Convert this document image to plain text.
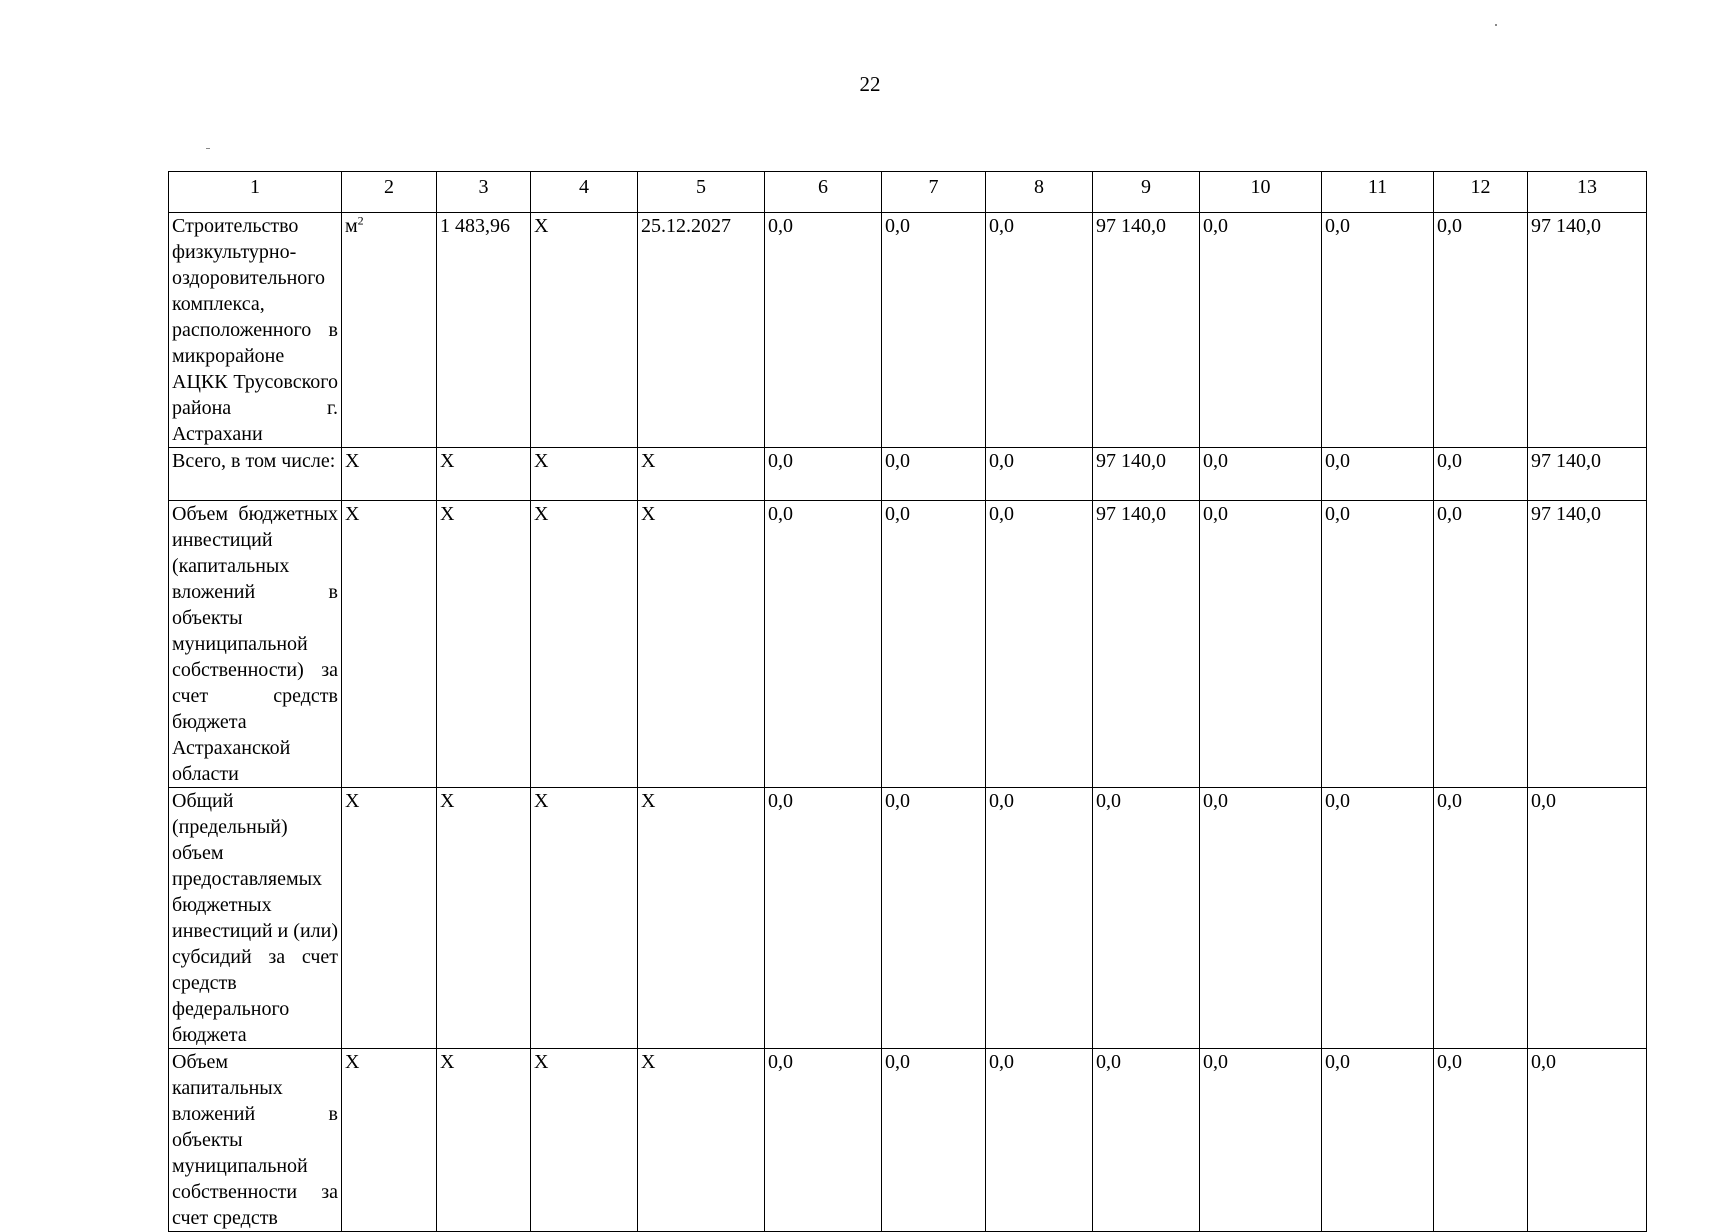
22
1	2	3	4	5	6	7	8	9	10	11	12	13
Строительство физкультурно-оздоровительного комплекса, расположенного в микрорайоне АЦКК Трусовского района г. Астрахани	$м^2$	1 483,96	X	25.12.2027	0,0	0,0	0,0	97 140,0	0,0	0,0	0,0	97 140,0
Всего, в том числе:	X	X	X	X	0,0	0,0	0,0	97 140,0	0,0	0,0	0,0	97 140,0
Объем бюджетных инвестиций (капитальных вложений в объекты муниципальной собственности) за счет средств бюджета Астраханской области	X	X	X	X	0,0	0,0	0,0	97 140,0	0,0	0,0	0,0	97 140,0
Общий (предельный) объем предоставляемых бюджетных инвестиций и (или) субсидий за счет средств федерального бюджета	X	X	X	X	0,0	0,0	0,0	0,0	0,0	0,0	0,0	0,0
Объем капитальных вложений в объекты муниципальной собственности за счет средств	X	X	X	X	0,0	0,0	0,0	0,0	0,0	0,0	0,0	0,0
